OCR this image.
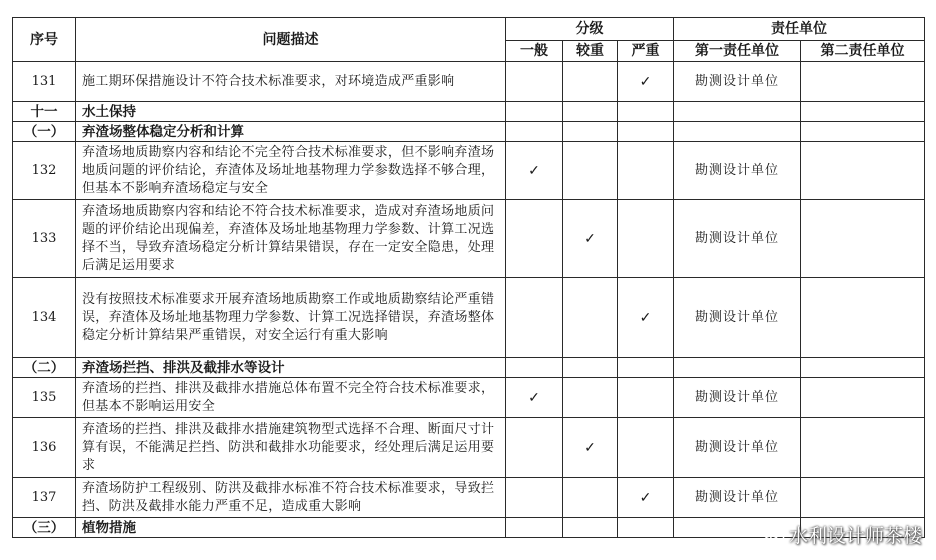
序号	问题描述	分级			责任单位	
		一般	较重	严重	第一责任单位	第二责任单位
131	施工期环保措施设计不符合技术标准要求，对环境造成严重影响			✓	勘测设计单位	
十一	水土保持					
（一）	弃渣场整体稳定分析和计算					
132	弃渣场地质勘察内容和结论不完全符合技术标准要求，但不影响弃渣场地质问题的评价结论，弃渣体及场址地基物理力学参数选择不够合理，但基本不影响弃渣场稳定与安全	✓			勘测设计单位	
133	弃渣场地质勘察内容和结论不符合技术标准要求，造成对弃渣场地质问题的评价结论出现偏差，弃渣体及场址地基物理力学参数、计算工况选择不当，导致弃渣场稳定分析计算结果错误，存在一定安全隐患，处理后满足运用要求		✓		勘测设计单位	
134	没有按照技术标准要求开展弃渣场地质勘察工作或地质勘察结论严重错误，弃渣体及场址地基物理力学参数、计算工况选择错误，弃渣场整体稳定分析计算结果严重错误，对安全运行有重大影响			✓	勘测设计单位	
（二）	弃渣场拦挡、排洪及截排水等设计					
135	弃渣场的拦挡、排洪及截排水措施总体布置不完全符合技术标准要求，但基本不影响运用安全	✓			勘测设计单位	
136	弃渣场的拦挡、排洪及截排水措施建筑物型式选择不合理、断面尺寸计算有误，不能满足拦挡、防洪和截排水功能要求，经处理后满足运用要求		✓		勘测设计单位	
137	弃渣场防护工程级别、防洪及截排水标准不符合技术标准要求，导致拦挡、防洪及截排水能力严重不足，造成重大影响			✓	勘测设计单位	
（三）	植物措施						水利设计师茶楼
